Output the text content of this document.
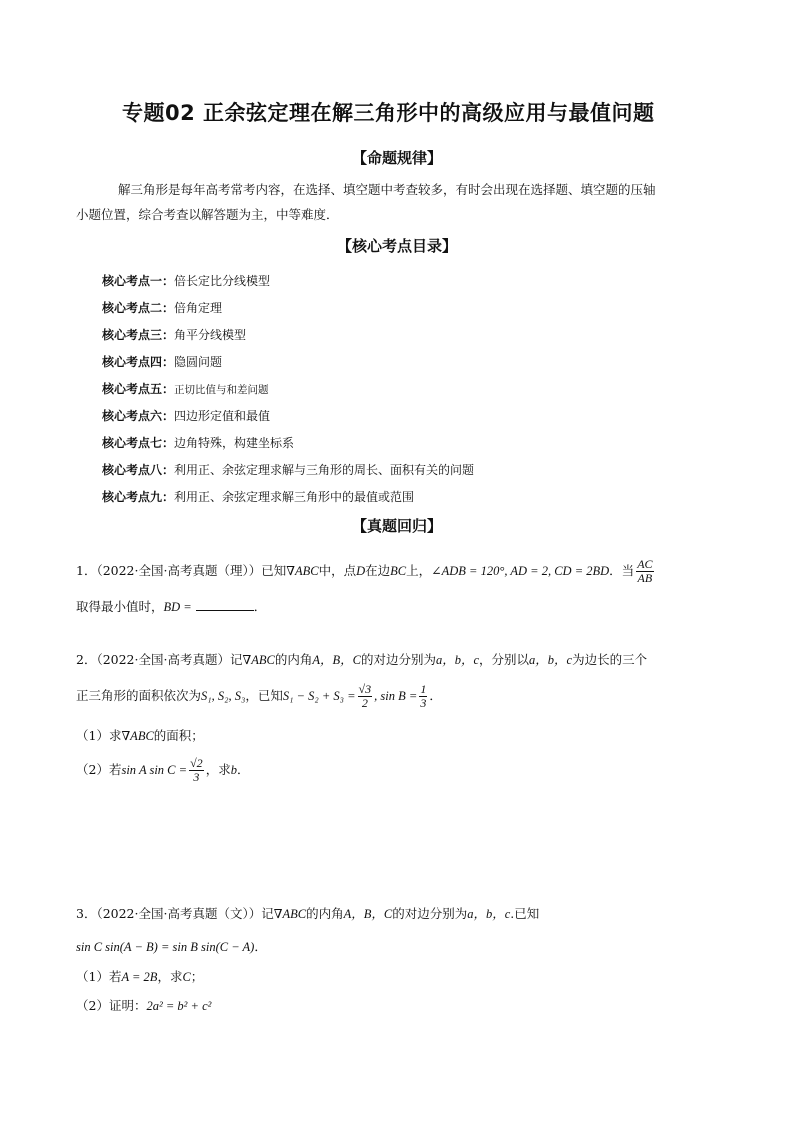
专题02 正余弦定理在解三角形中的高级应用与最值问题
【命题规律】
解三角形是每年高考常考内容，在选择、填空题中考查较多，有时会出现在选择题、填空题的压轴
小题位置，综合考查以解答题为主，中等难度．
【核心考点目录】
核心考点一：倍长定比分线模型
核心考点二：倍角定理
核心考点三：角平分线模型
核心考点四：隐圆问题
核心考点五：正切比值与和差问题
核心考点六：四边形定值和最值
核心考点七：边角特殊，构建坐标系
核心考点八：利用正、余弦定理求解与三角形的周长、面积有关的问题
核心考点九：利用正、余弦定理求解三角形中的最值或范围
【真题回归】
1．（2022·全国·高考真题（理））已知∇ABC中，点D在边BC上，∠ADB = 120°, AD = 2, CD = 2BD．当 $\frac{AC}{AB}$
取得最小值时，BD =	．
2．（2022·全国·高考真题）记∇ABC的内角A，B，C的对边分别为a，b，c，分别以a，b，c为边长的三个
正三角形的面积依次为S₁, S₂, S₃，已知$S_1 - S_2 + S_3 = \frac{√3}{2}$ , $\sin B = \frac{1}{3}$ ．
（1）求∇ABC的面积；
（2）若sin A $\sin C = \frac{√2}{3}$ ，求b．
3．（2022·全国·高考真题（文））记∇ABC的内角A，B，C的对边分别为a，b，c.已知
sin C sin(A − B) = sin B sin(C − A)．
（1）若A = 2B，求C；
（2）证明：2a² = b² + c²
